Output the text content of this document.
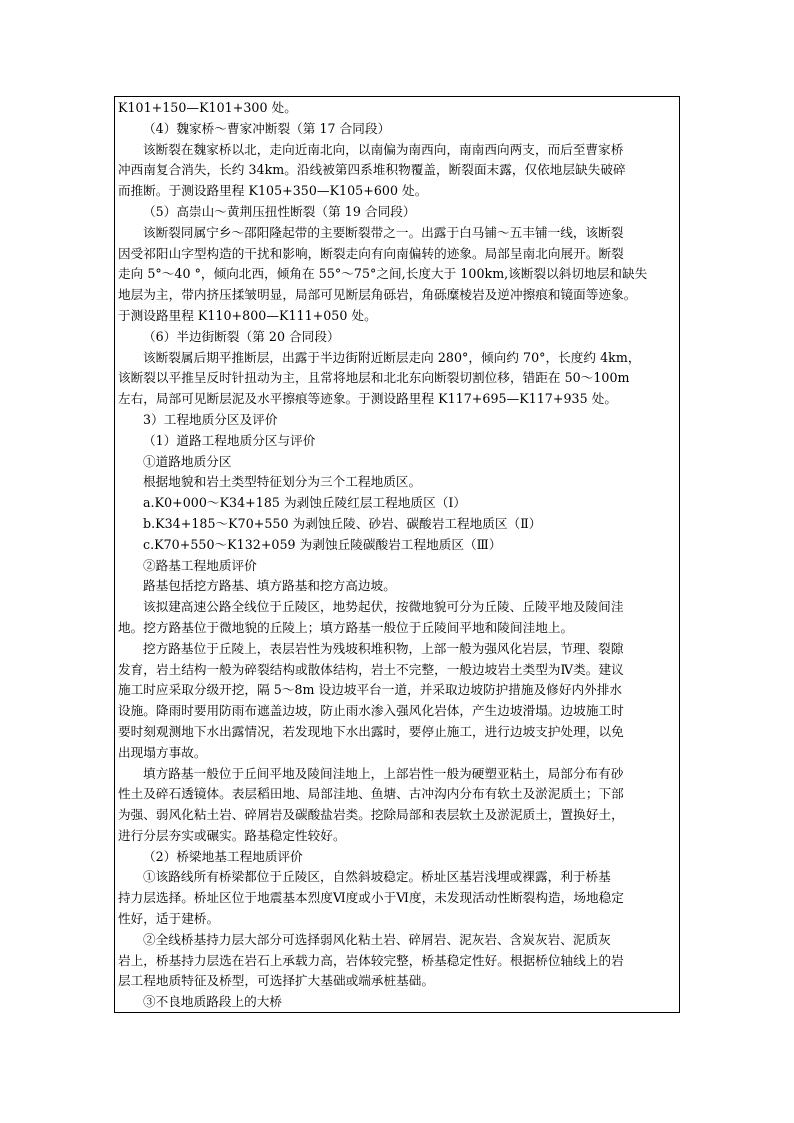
K101+150—K101+300 处。
（4）魏家桥～曹家冲断裂（第 17 合同段）
该断裂在魏家桥以北，走向近南北向，以南偏为南西向，南南西向两支，而后至曹家桥
冲西南复合消失，长约 34km。沿线被第四系堆积物覆盖，断裂面末露，仅依地层缺失破碎
而推断。于测设路里程 K105+350—K105+600 处。
（5）高崇山～黄荆压扭性断裂（第 19 合同段）
该断裂同属宁乡～邵阳隆起带的主要断裂带之一。出露于白马铺～五丰铺一线，该断裂
因受祁阳山字型构造的干扰和影响，断裂走向有向南偏转的迹象。局部呈南北向展开。断裂
走向 5°～40 °，倾向北西，倾角在 55°～75°之间,长度大于 100km,该断裂以斜切地层和缺失
地层为主，带内挤压揉皱明显，局部可见断层角砾岩，角砾糜棱岩及逆冲擦痕和镜面等迹象。
于测设路里程 K110+800—K111+050 处。
（6）半边街断裂（第 20 合同段）
该断裂属后期平推断层，出露于半边街附近断层走向 280°，倾向约 70°，长度约 4km，
该断裂以平推呈反时针扭动为主，且常将地层和北北东向断裂切割位移，错距在 50～100m
左右，局部可见断层泥及水平擦痕等迹象。于测设路里程 K117+695—K117+935 处。
3）工程地质分区及评价
（1）道路工程地质分区与评价
①道路地质分区
根据地貌和岩土类型特征划分为三个工程地质区。
a.K0+000～K34+185 为剥蚀丘陵红层工程地质区（Ⅰ）
b.K34+185～K70+550 为剥蚀丘陵、砂岩、碳酸岩工程地质区（Ⅱ）
c.K70+550～K132+059 为剥蚀丘陵碳酸岩工程地质区（Ⅲ）
②路基工程地质评价
路基包括挖方路基、填方路基和挖方高边坡。
该拟建高速公路全线位于丘陵区，地势起伏，按微地貌可分为丘陵、丘陵平地及陵间洼
地。挖方路基位于微地貌的丘陵上；填方路基一般位于丘陵间平地和陵间洼地上。
挖方路基位于丘陵上，表层岩性为残坡积堆积物，上部一般为强风化岩层，节理、裂隙
发育，岩土结构一般为碎裂结构或散体结构，岩土不完整，一般边坡岩土类型为Ⅳ类。建议
施工时应采取分级开挖，隔 5～8m 设边坡平台一道，并采取边坡防护措施及修好内外排水
设施。降雨时要用防雨布遮盖边坡，防止雨水渗入强风化岩体，产生边坡滑塌。边坡施工时
要时刻观测地下水出露情况，若发现地下水出露时，要停止施工，进行边坡支护处理，以免
出现塌方事故。
填方路基一般位于丘间平地及陵间洼地上，上部岩性一般为硬塑亚粘土，局部分布有砂
性土及碎石透镜体。表层稻田地、局部洼地、鱼塘、古冲沟内分布有软土及淤泥质土；下部
为强、弱风化粘土岩、碎屑岩及碳酸盐岩类。挖除局部和表层软土及淤泥质土，置换好土，
进行分层夯实或碾实。路基稳定性较好。
（2）桥梁地基工程地质评价
①该路线所有桥梁都位于丘陵区，自然斜坡稳定。桥址区基岩浅埋或裸露，利于桥基
持力层选择。桥址区位于地震基本烈度Ⅵ度或小于Ⅵ度，未发现活动性断裂构造，场地稳定
性好，适于建桥。
②全线桥基持力层大部分可选择弱风化粘土岩、碎屑岩、泥灰岩、含炭灰岩、泥质灰
岩上，桥基持力层选在岩石上承载力高，岩体较完整，桥基稳定性好。根据桥位轴线上的岩
层工程地质特征及桥型，可选择扩大基础或端承桩基础。
③不良地质路段上的大桥
